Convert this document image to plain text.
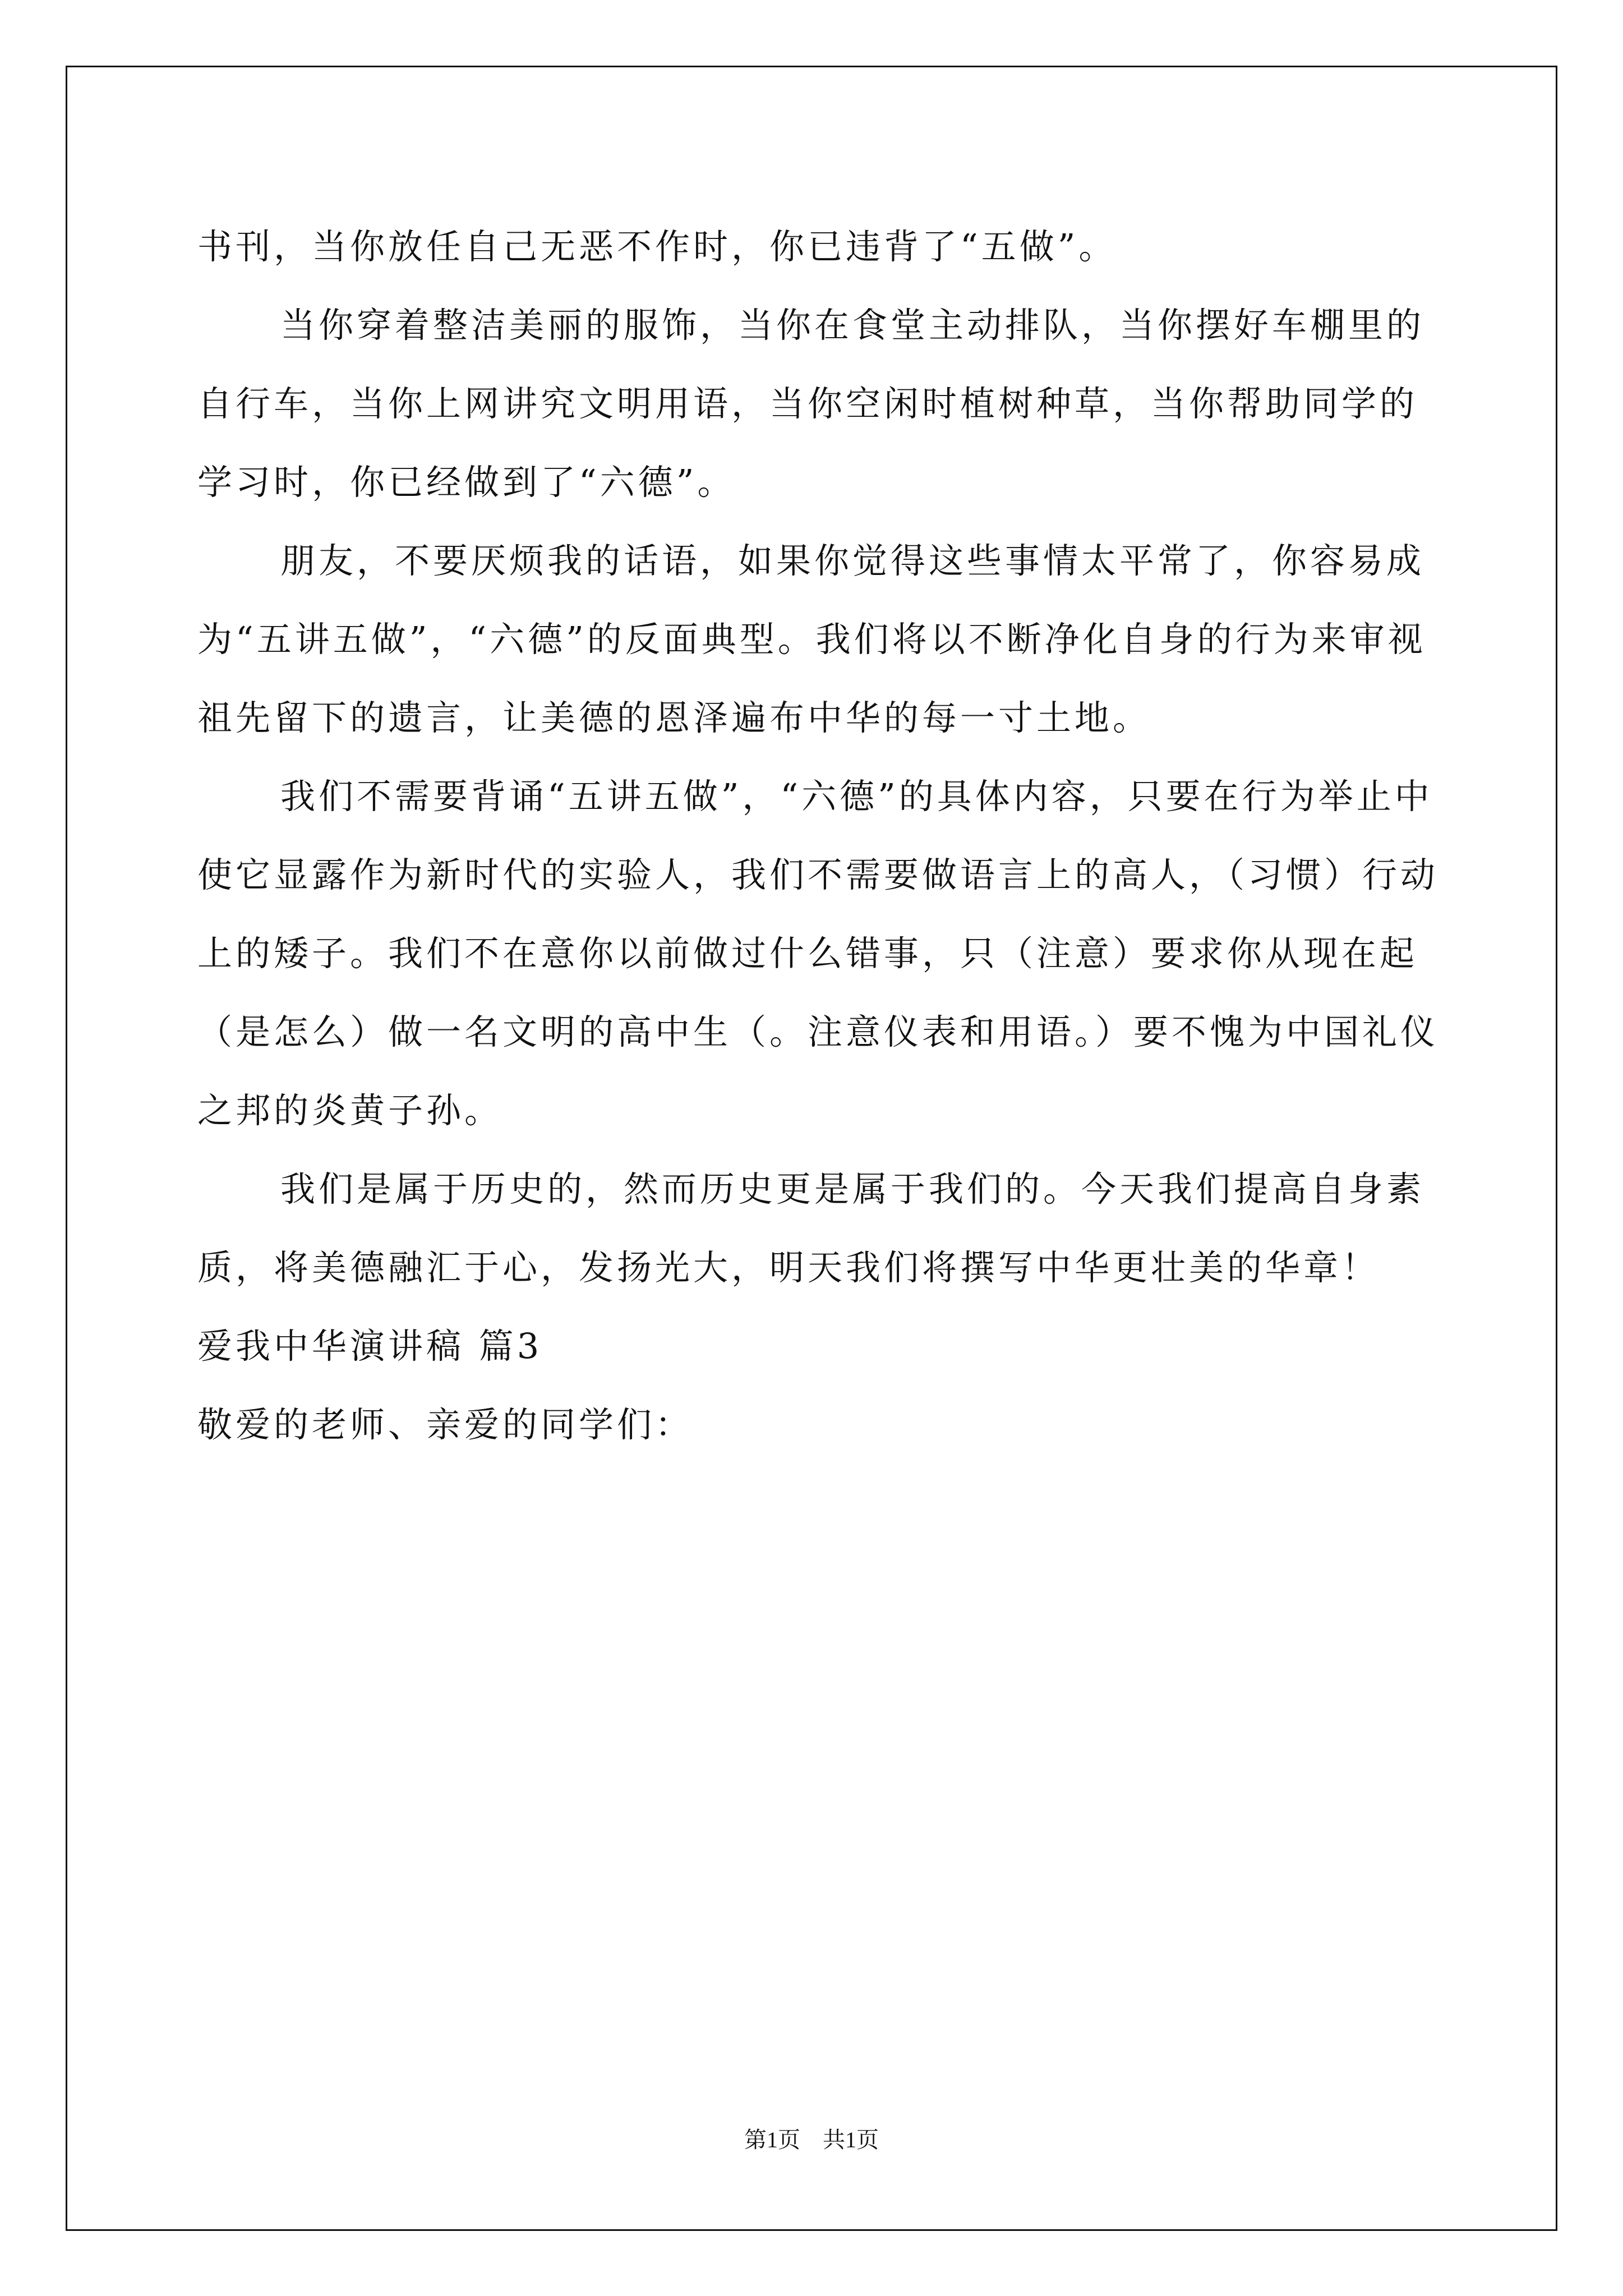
书刊，当你放任自己无恶不作时，你已违背了“五做”。

当你穿着整洁美丽的服饰，当你在食堂主动排队，当你摆好车棚里的自行车，当你上网讲究文明用语，当你空闲时植树种草，当你帮助同学的学习时，你已经做到了“六德”。

朋友，不要厌烦我的话语，如果你觉得这些事情太平常了，你容易成为“五讲五做”，“六德”的反面典型。我们将以不断净化自身的行为来审视祖先留下的遗言，让美德的恩泽遍布中华的每一寸土地。

我们不需要背诵“五讲五做”，“六德”的具体内容，只要在行为举止中使它显露作为新时代的实验人，我们不需要做语言上的高人，（习惯）行动上的矮子。我们不在意你以前做过什么错事，只（注意）要求你从现在起（是怎么）做一名文明的高中生（。注意仪表和用语。）要不愧为中国礼仪之邦的炎黄子孙。

我们是属于历史的，然而历史更是属于我们的。今天我们提高自身素质，将美德融汇于心，发扬光大，明天我们将撰写中华更壮美的华章！

爱我中华演讲稿 篇3

敬爱的老师、亲爱的同学们：

第1页 共1页
